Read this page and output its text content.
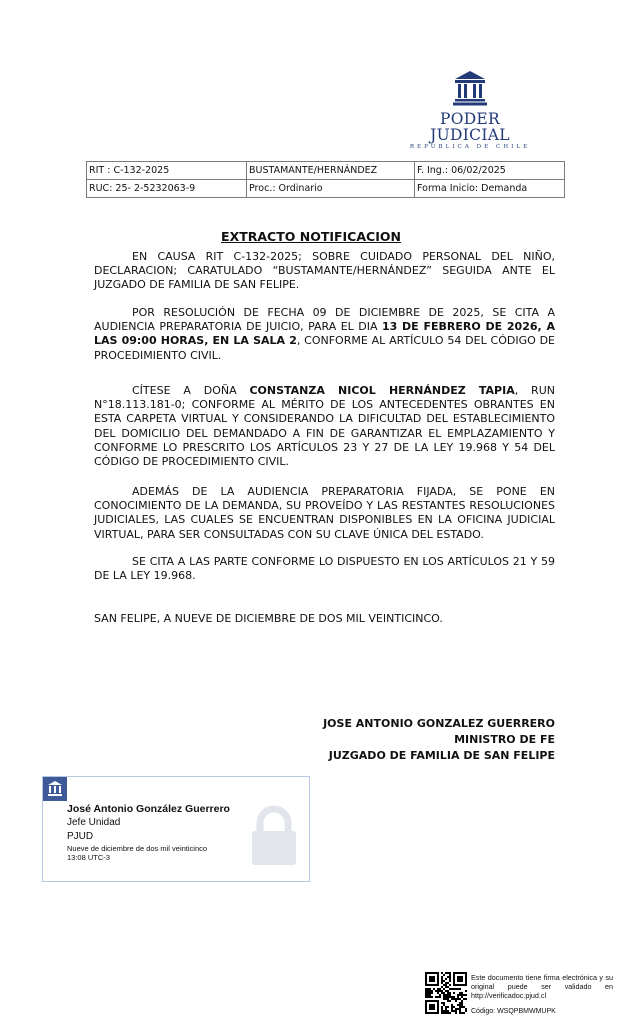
PODER JUDICIAL
REPUBLICA DE CHILE
RIT : C-132-2025	BUSTAMANTE/HERNÁNDEZ	F. Ing.: 06/02/2025
RUC: 25- 2-5232063-9	Proc.: Ordinario	Forma Inicio: Demanda
EXTRACTO NOTIFICACION
EN CAUSA RIT C-132-2025; SOBRE CUIDADO PERSONAL DEL NIÑO, DECLARACION; CARATULADO “BUSTAMANTE/HERNÁNDEZ” SEGUIDA ANTE EL JUZGADO DE FAMILIA DE SAN FELIPE.
POR RESOLUCIÓN DE FECHA 09 DE DICIEMBRE DE 2025, SE CITA A AUDIENCIA PREPARATORIA DE JUICIO, PARA EL DIA 13 DE FEBRERO DE 2026, A LAS 09:00 HORAS, EN LA SALA 2, CONFORME AL ARTÍCULO 54 DEL CÓDIGO DE PROCEDIMIENTO CIVIL.
CÍTESE A DOÑA CONSTANZA NICOL HERNÁNDEZ TAPIA, RUN N°18.113.181-0; CONFORME AL MÉRITO DE LOS ANTECEDENTES OBRANTES EN ESTA CARPETA VIRTUAL Y CONSIDERANDO LA DIFICULTAD DEL ESTABLECIMIENTO DEL DOMICILIO DEL DEMANDADO A FIN DE GARANTIZAR EL EMPLAZAMIENTO Y CONFORME LO PRESCRITO LOS ARTÍCULOS 23 Y 27 DE LA LEY 19.968 Y 54 DEL CÓDIGO DE PROCEDIMIENTO CIVIL.
ADEMÁS DE LA AUDIENCIA PREPARATORIA FIJADA, SE PONE EN CONOCIMIENTO DE LA DEMANDA, SU PROVEÍDO Y LAS RESTANTES RESOLUCIONES JUDICIALES, LAS CUALES SE ENCUENTRAN DISPONIBLES EN LA OFICINA JUDICIAL VIRTUAL, PARA SER CONSULTADAS CON SU CLAVE ÚNICA DEL ESTADO.
SE CITA A LAS PARTE CONFORME LO DISPUESTO EN LOS ARTÍCULOS 21 Y 59 DE LA LEY 19.968.
SAN FELIPE, A NUEVE DE DICIEMBRE DE DOS MIL VEINTICINCO.
JOSE ANTONIO GONZALEZ GUERRERO
MINISTRO DE FE
JUZGADO DE FAMILIA DE SAN FELIPE
José Antonio González Guerrero
Jefe Unidad
PJUD
Nueve de diciembre de dos mil veinticinco
13:08 UTC-3
Este documento tiene firma electrónica y su original puede ser validado en http://verificadoc.pjud.cl
Código: WSQPBMWMUPK
